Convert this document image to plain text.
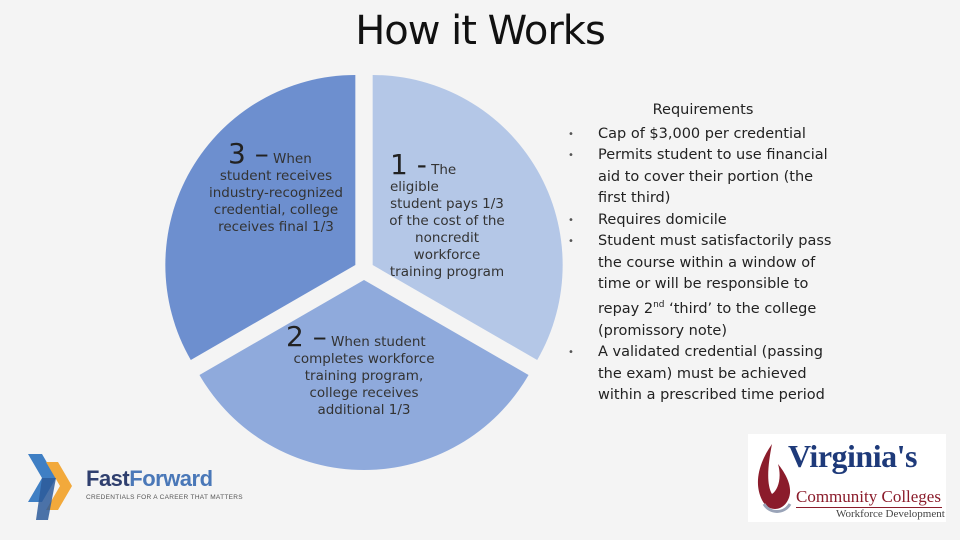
How it Works
3 – When
student receives industry-recognized credential, college receives final 1/3
1 - The eligible
student pays 1/3 of the cost of the noncredit workforce training program
2 – When student
completes workforce training program, college receives additional 1/3
Requirements
• Cap of $3,000 per credential
• Permits student to use financial aid to cover their portion (the first third)
• Requires domicile
• Student must satisfactorily pass the course within a window of time or will be responsible to repay 2nd ‘third’ to the college (promissory note)
• A validated credential (passing the exam) must be achieved within a prescribed time period
FastForward
CREDENTIALS FOR A CAREER THAT MATTERS
Virginia's
Community Colleges
Workforce Development
